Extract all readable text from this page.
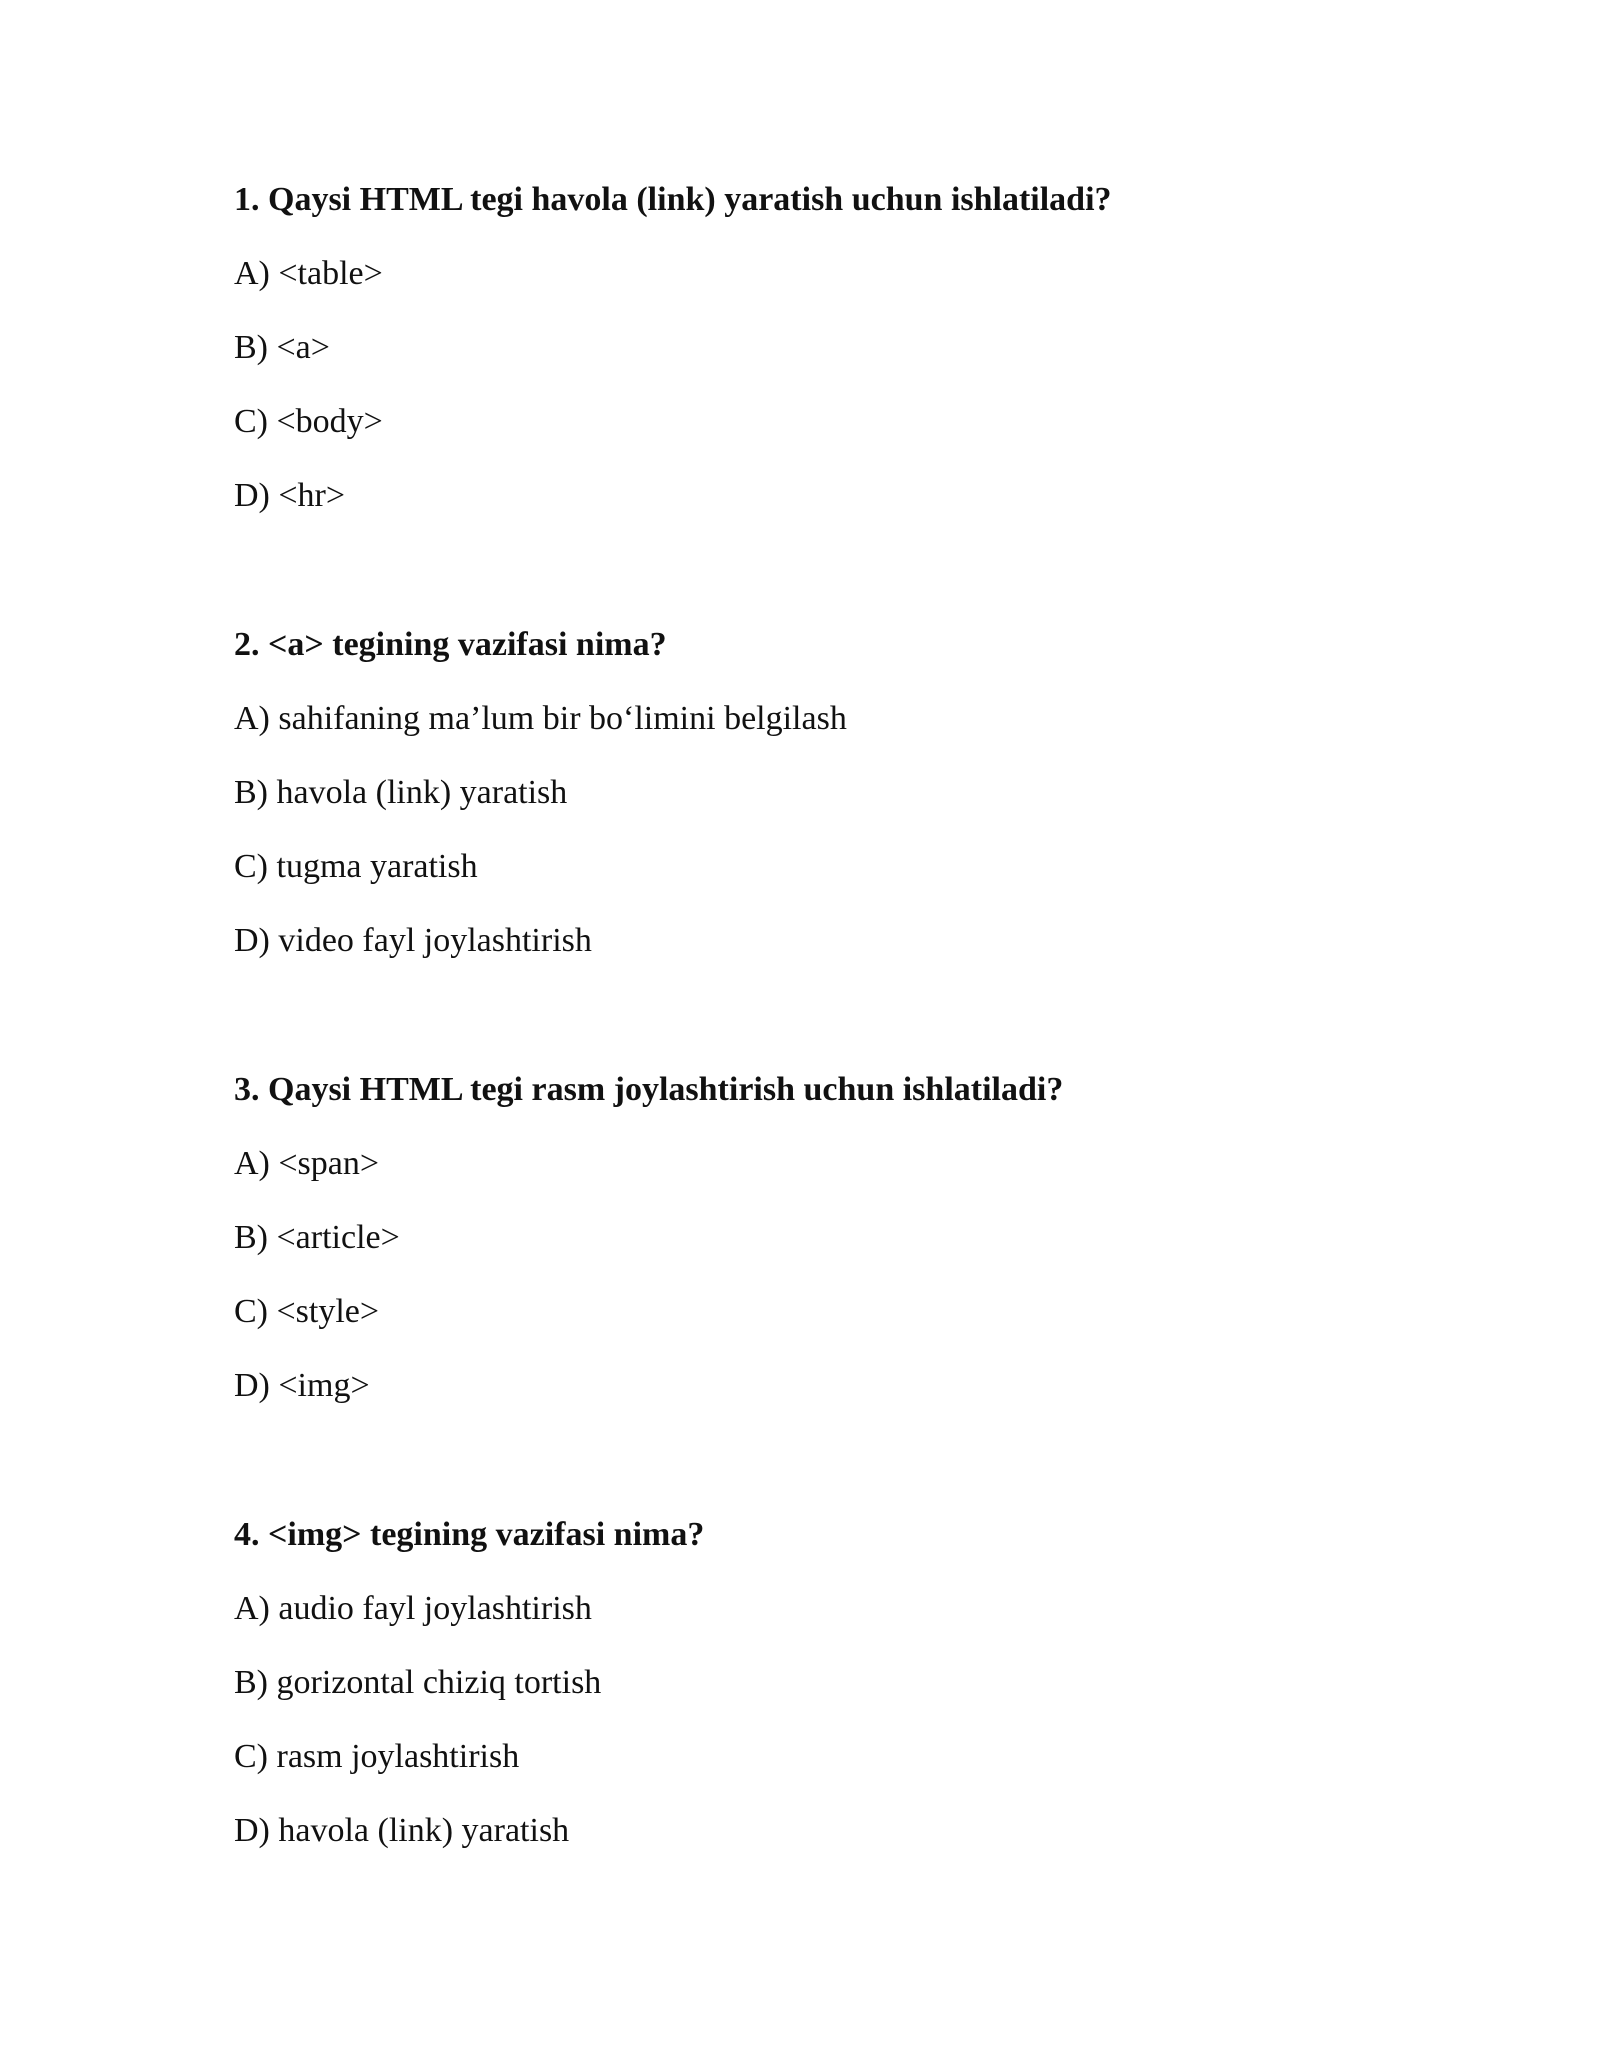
1. Qaysi HTML tegi havola (link) yaratish uchun ishlatiladi?
A) <table>
B) <a>
C) <body>
D) <hr>
2. <a> tegining vazifasi nima?
A) sahifaning ma’lum bir bo‘limini belgilash
B) havola (link) yaratish
C) tugma yaratish
D) video fayl joylashtirish
3. Qaysi HTML tegi rasm joylashtirish uchun ishlatiladi?
A) <span>
B) <article>
C) <style>
D) <img>
4. <img> tegining vazifasi nima?
A) audio fayl joylashtirish
B) gorizontal chiziq tortish
C) rasm joylashtirish
D) havola (link) yaratish
